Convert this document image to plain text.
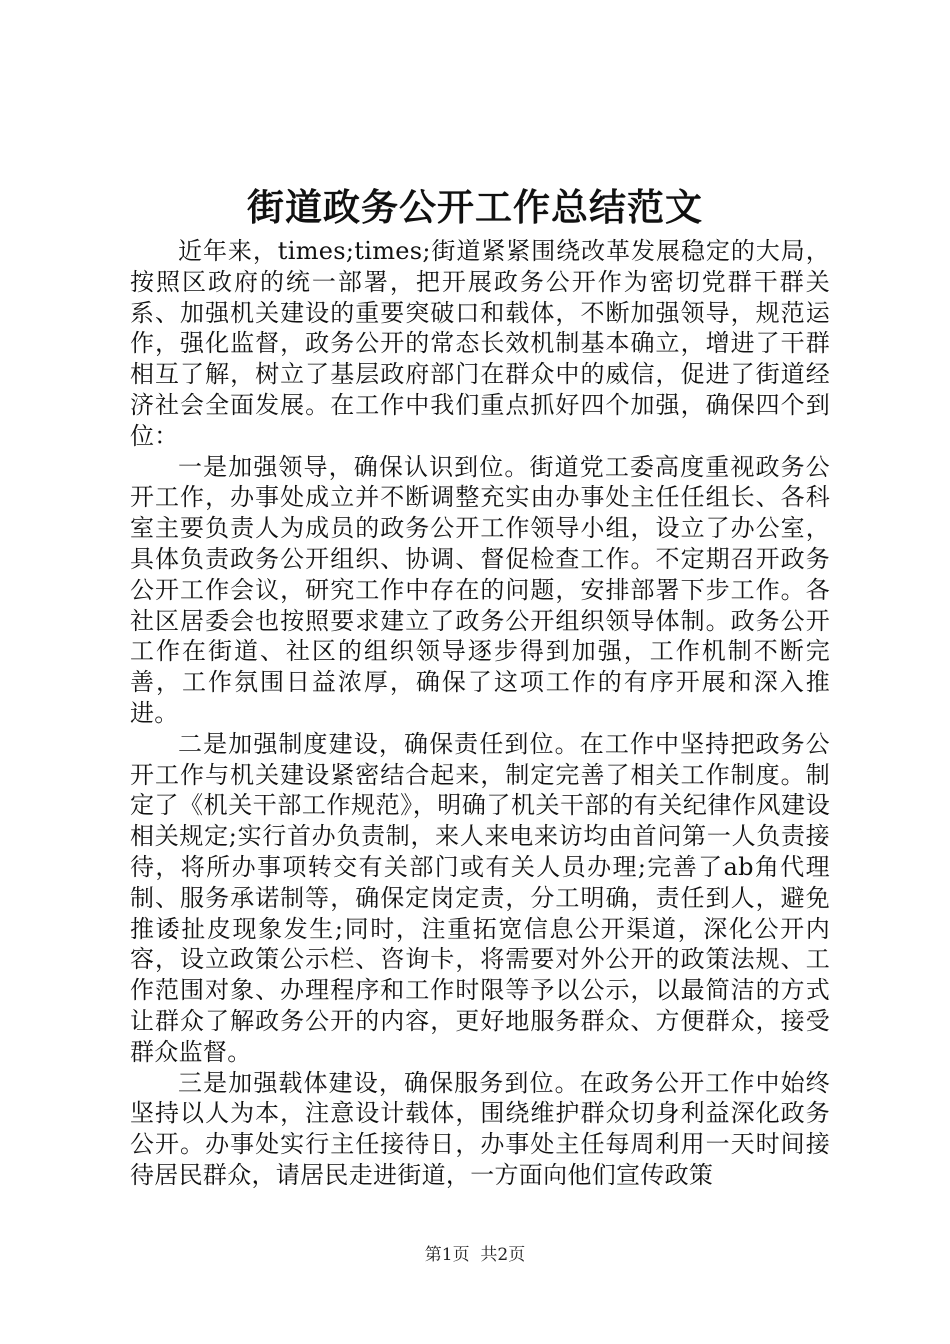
街道政务公开工作总结范文

近年来，times;times;街道紧紧围绕改革发展稳定的大局，按照区政府的统一部署，把开展政务公开作为密切党群干群关系、加强机关建设的重要突破口和载体，不断加强领导，规范运作，强化监督，政务公开的常态长效机制基本确立，增进了干群相互了解，树立了基层政府部门在群众中的威信，促进了街道经济社会全面发展。在工作中我们重点抓好四个加强，确保四个到位：

一是加强领导，确保认识到位。街道党工委高度重视政务公开工作，办事处成立并不断调整充实由办事处主任任组长、各科室主要负责人为成员的政务公开工作领导小组，设立了办公室，具体负责政务公开组织、协调、督促检查工作。不定期召开政务公开工作会议，研究工作中存在的问题，安排部署下步工作。各社区居委会也按照要求建立了政务公开组织领导体制。政务公开工作在街道、社区的组织领导逐步得到加强，工作机制不断完善，工作氛围日益浓厚，确保了这项工作的有序开展和深入推进。

二是加强制度建设，确保责任到位。在工作中坚持把政务公开工作与机关建设紧密结合起来，制定完善了相关工作制度。制定了《机关干部工作规范》，明确了机关干部的有关纪律作风建设相关规定;实行首办负责制，来人来电来访均由首问第一人负责接待，将所办事项转交有关部门或有关人员办理;完善了ab角代理制、服务承诺制等，确保定岗定责，分工明确，责任到人，避免推诿扯皮现象发生;同时，注重拓宽信息公开渠道，深化公开内容，设立政策公示栏、咨询卡，将需要对外公开的政策法规、工作范围对象、办理程序和工作时限等予以公示，以最简洁的方式让群众了解政务公开的内容，更好地服务群众、方便群众，接受群众监督。

三是加强载体建设，确保服务到位。在政务公开工作中始终坚持以人为本，注意设计载体，围绕维护群众切身利益深化政务公开。办事处实行主任接待日，办事处主任每周利用一天时间接待居民群众，请居民走进街道，一方面向他们宣传政策

第1页 共2页
